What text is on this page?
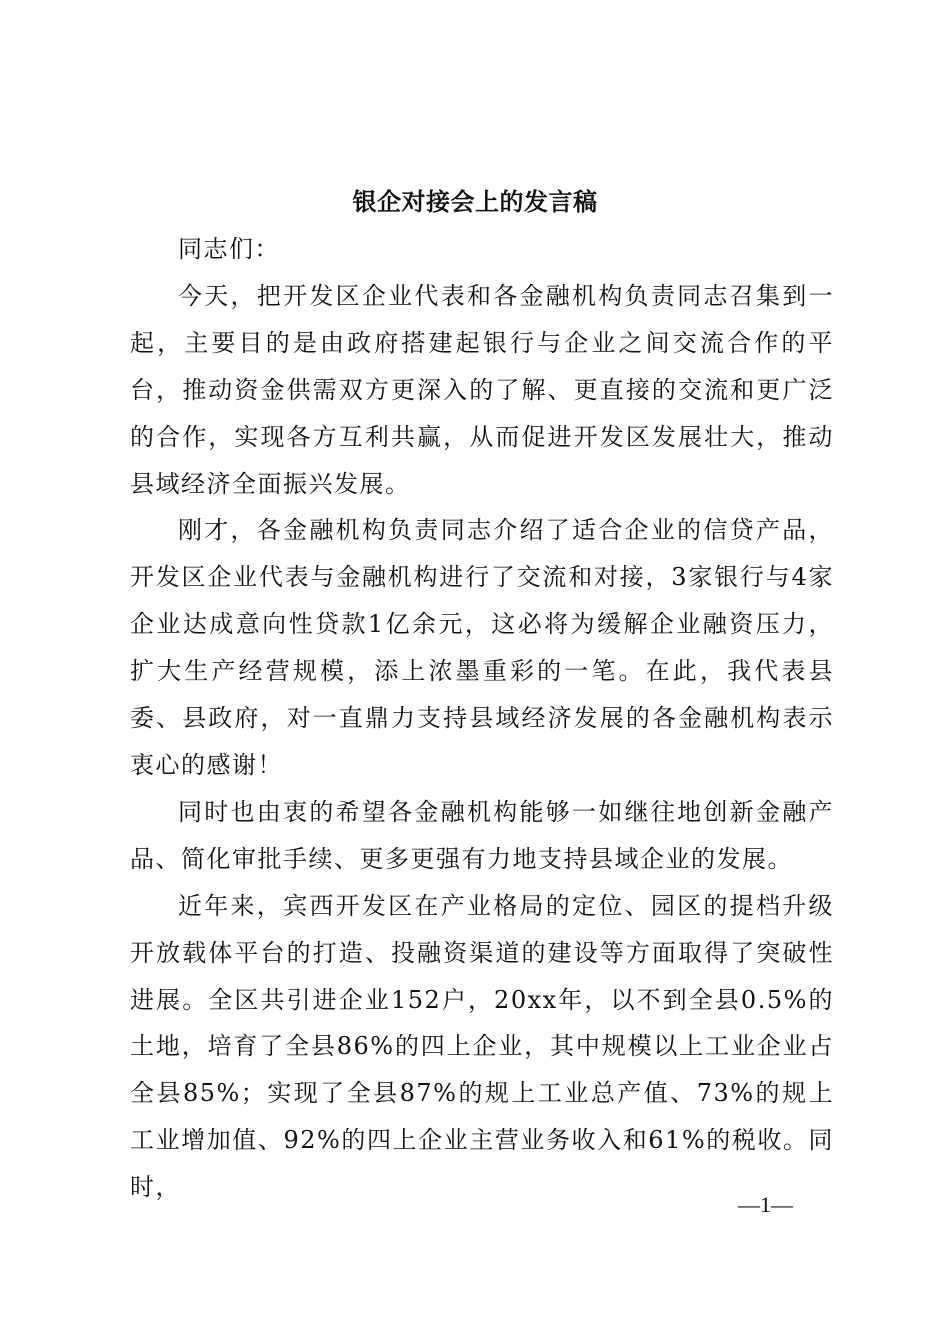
银企对接会上的发言稿

同志们：

今天，把开发区企业代表和各金融机构负责同志召集到一起，主要目的是由政府搭建起银行与企业之间交流合作的平台，推动资金供需双方更深入的了解、更直接的交流和更广泛的合作，实现各方互利共赢，从而促进开发区发展壮大，推动县域经济全面振兴发展。

刚才，各金融机构负责同志介绍了适合企业的信贷产品，开发区企业代表与金融机构进行了交流和对接，3家银行与4家企业达成意向性贷款1亿余元，这必将为缓解企业融资压力，扩大生产经营规模，添上浓墨重彩的一笔。在此，我代表县委、县政府，对一直鼎力支持县域经济发展的各金融机构表示衷心的感谢！

同时也由衷的希望各金融机构能够一如继往地创新金融产品、简化审批手续、更多更强有力地支持县域企业的发展。

近年来，宾西开发区在产业格局的定位、园区的提档升级开放载体平台的打造、投融资渠道的建设等方面取得了突破性进展。全区共引进企业152户，20xx年，以不到全县0.5%的土地，培育了全县86%的四上企业，其中规模以上工业企业占全县85%；实现了全县87%的规上工业总产值、73%的规上工业增加值、92%的四上企业主营业务收入和61%的税收。同时，

—1—
